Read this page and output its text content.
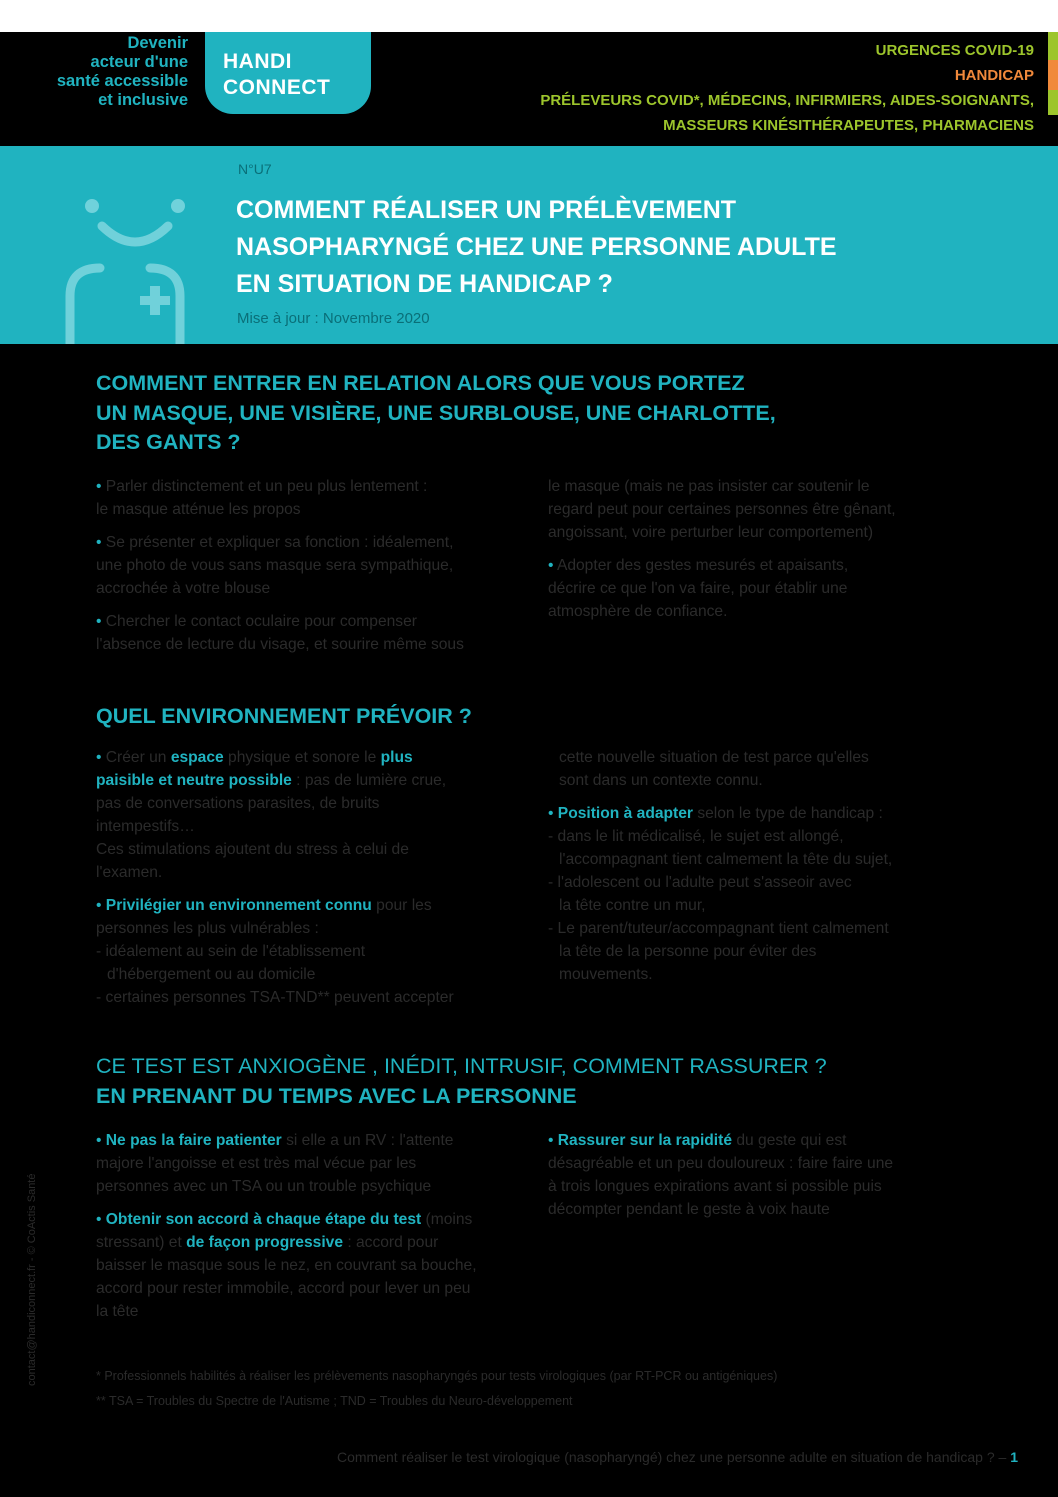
Devenir
acteur d'une
santé accessible
et inclusive
HANDI
CONNECT
URGENCES COVID-19
HANDICAP
PRÉLEVEURS COVID*, MÉDECINS, INFIRMIERS, AIDES-SOIGNANTS,
MASSEURS KINÉSITHÉRAPEUTES, PHARMACIENS
N°U7
COMMENT RÉALISER UN PRÉLÈVEMENT
NASOPHARYNGÉ CHEZ UNE PERSONNE ADULTE
EN SITUATION DE HANDICAP ?
Mise à jour : Novembre 2020
COMMENT ENTRER EN RELATION ALORS QUE VOUS PORTEZ
UN MASQUE, UNE VISIÈRE, UNE SURBLOUSE, UNE CHARLOTTE,
DES GANTS ?

• Parler distinctement et un peu plus lentement :
le masque atténue les propos

• Se présenter et expliquer sa fonction : idéalement,
une photo de vous sans masque sera sympathique,
accrochée à votre blouse

• Chercher le contact oculaire pour compenser
l'absence de lecture du visage, et sourire même sous

le masque (mais ne pas insister car soutenir le
regard peut pour certaines personnes être gênant,
angoissant, voire perturber leur comportement)

• Adopter des gestes mesurés et apaisants,
décrire ce que l'on va faire, pour établir une
atmosphère de confiance.

QUEL ENVIRONNEMENT PRÉVOIR ?

• Créer un espace physique et sonore le plus
paisible et neutre possible : pas de lumière crue,
pas de conversations parasites, de bruits
intempestifs…
Ces stimulations ajoutent du stress à celui de
l'examen.

• Privilégier un environnement connu pour les
personnes les plus vulnérables :
- idéalement au sein de l'établissement
d'hébergement ou au domicile
- certaines personnes TSA-TND** peuvent accepter

cette nouvelle situation de test parce qu'elles
sont dans un contexte connu.

• Position à adapter selon le type de handicap :
- dans le lit médicalisé, le sujet est allongé,
l'accompagnant tient calmement la tête du sujet,
- l'adolescent ou l'adulte peut s'asseoir avec
la tête contre un mur,
- Le parent/tuteur/accompagnant tient calmement
la tête de la personne pour éviter des
mouvements.

CE TEST EST ANXIOGÈNE , INÉDIT, INTRUSIF, COMMENT RASSURER ?
EN PRENANT DU TEMPS AVEC LA PERSONNE

• Ne pas la faire patienter si elle a un RV : l'attente
majore l'angoisse et est très mal vécue par les
personnes avec un TSA ou un trouble psychique

• Obtenir son accord à chaque étape du test (moins
stressant) et de façon progressive : accord pour
baisser le masque sous le nez, en couvrant sa bouche,
accord pour rester immobile, accord pour lever un peu
la tête

• Rassurer sur la rapidité du geste qui est
désagréable et un peu douloureux : faire faire une
à trois longues expirations avant si possible puis
décompter pendant le geste à voix haute

* Professionnels habilités à réaliser les prélèvements nasopharyngés pour tests virologiques (par RT-PCR ou antigéniques)
** TSA = Troubles du Spectre de l'Autisme ; TND = Troubles du Neuro-développement
contact@handiconnect.fr - © CoActis Santé
Comment réaliser le test virologique (nasopharyngé) chez une personne adulte en situation de handicap ? – 1
